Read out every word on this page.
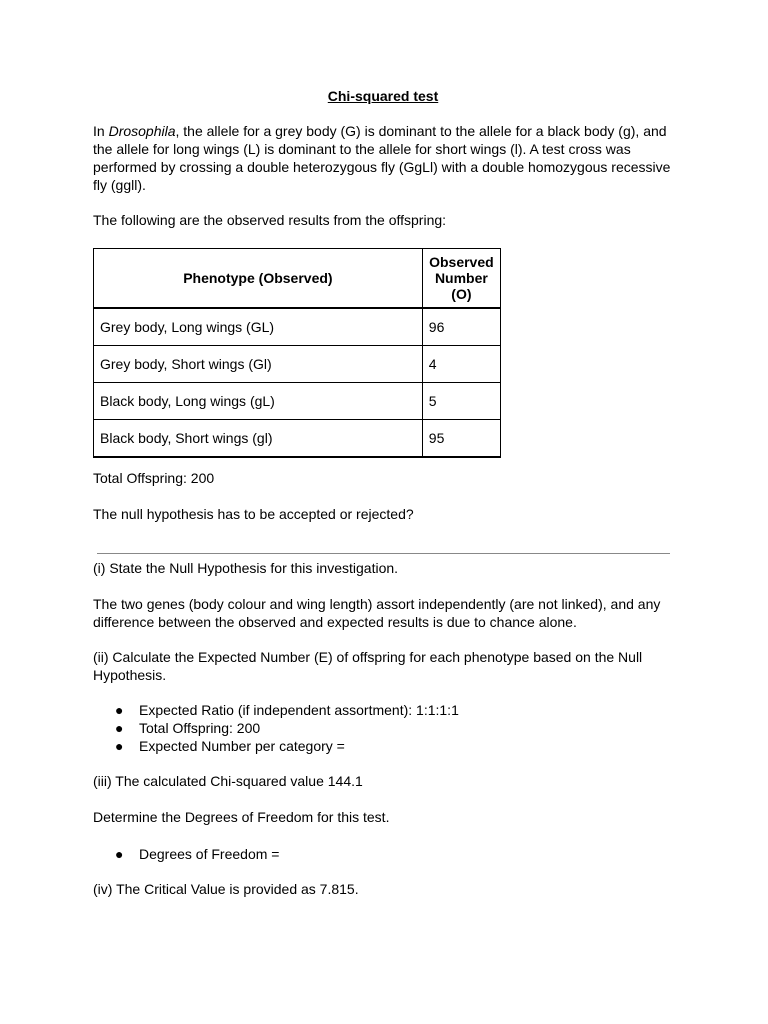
Chi-squared test

In Drosophila, the allele for a grey body (G) is dominant to the allele for a black body (g), and the allele for long wings (L) is dominant to the allele for short wings (l). A test cross was performed by crossing a double heterozygous fly (GgLl) with a double homozygous recessive fly (ggll).

The following are the observed results from the offspring:

Phenotype (Observed)	Observed Number (O)
Grey body, Long wings (GL)	96
Grey body, Short wings (Gl)	4
Black body, Long wings (gL)	5
Black body, Short wings (gl)	95

Total Offspring: 200

The null hypothesis has to be accepted or rejected?

(i) State the Null Hypothesis for this investigation.

The two genes (body colour and wing length) assort independently (are not linked), and any difference between the observed and expected results is due to chance alone.

(ii) Calculate the Expected Number (E) of offspring for each phenotype based on the Null Hypothesis.

● Expected Ratio (if independent assortment): 1:1:1:1
● Total Offspring: 200
● Expected Number per category =

(iii) The calculated Chi-squared value 144.1

Determine the Degrees of Freedom for this test.

● Degrees of Freedom =

(iv) The Critical Value is provided as 7.815.
